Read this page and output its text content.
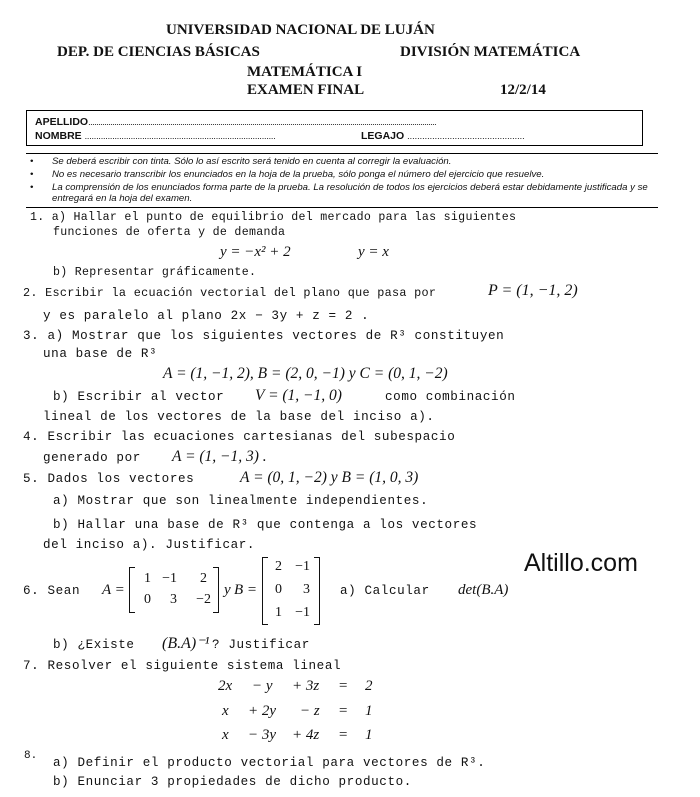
UNIVERSIDAD NACIONAL DE LUJÁN
DEP. DE CIENCIAS BÁSICAS	DIVISIÓN MATEMÁTICA
MATEMÁTICA I
EXAMEN FINAL	12/2/14
APELLIDO..............................................................................................................................................................................
NOMBRE ...................................................................................	LEGAJO ...............................................
• Se deberá escribir con tinta. Sólo lo así escrito será tenido en cuenta al corregir la evaluación.
• No es necesario transcribir los enunciados en la hoja de la prueba, sólo ponga el número del ejercicio que resuelve.
• La comprensión de los enunciados forma parte de la prueba. La resolución de todos los ejercicios deberá estar debidamente justificada y se entregará en la hoja del examen.
1. a) Hallar el punto de equilibrio del mercado para las siguientes
funciones de oferta y de demanda
y = −x² + 2	y = x
b) Representar gráficamente.
2. Escribir la ecuación vectorial del plano que pasa por	P = (1, −1, 2)
y es paralelo al plano 2x − 3y + z = 2 .
3. a) Mostrar que los siguientes vectores de R³ constituyen
una base de R³
A = (1, −1, 2), B = (2, 0, −1) y C = (0, 1, −2)
b) Escribir al vector V = (1, −1, 0)	como combinación
lineal de los vectores de la base del inciso a).
4. Escribir las ecuaciones cartesianas del subespacio
generado por A = (1, −1, 3) .
5. Dados los vectores	A = (0, 1, −2) y B = (1, 0, 3)
a) Mostrar que son linealmente independientes.
b) Hallar una base de R³ que contenga a los vectores
del inciso a). Justificar.
6. Sean A =
1 −1	2
0	3	−2
y B =
2 −1
0	3
1 −1
a) Calcular det(B.A)
b) ¿Existe (B.A)⁻¹ ? Justificar
7. Resolver el siguiente sistema lineal
2x − y + 3z = 2
x + 2y − z = 1
x − 3y + 4z = 1
8. a) Definir el producto vectorial para vectores de R³.
b) Enunciar 3 propiedades de dicho producto.
Altillo.com
